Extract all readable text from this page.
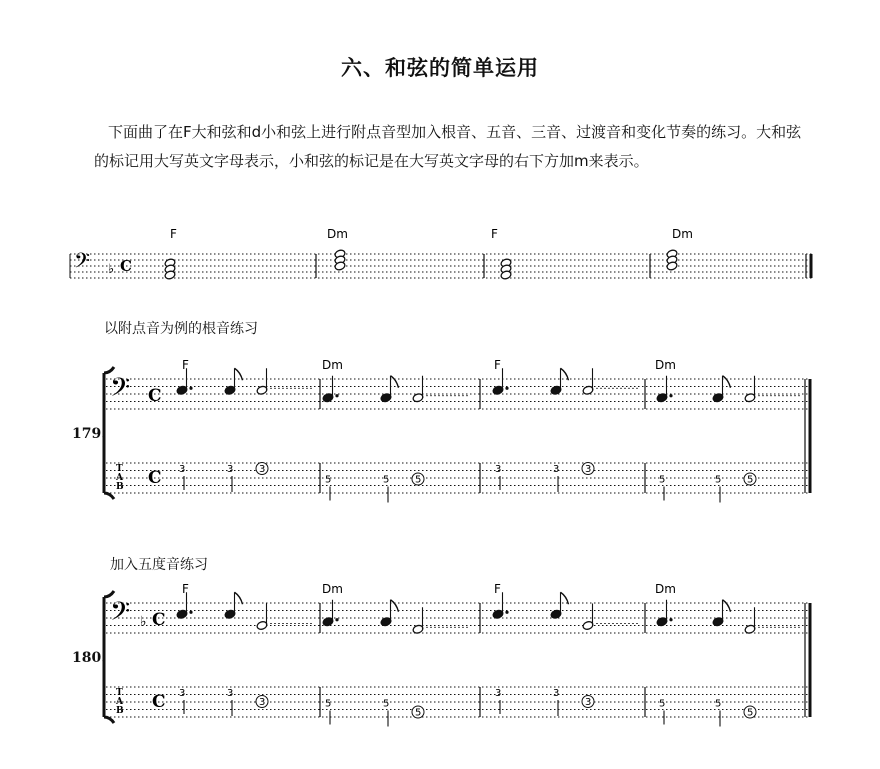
六、和弦的简单运用

下面曲了在F大和弦和d小和弦上进行附点音型加入根音、五音、三音、过渡音和变化节奏的练习。大和弦的标记用大写英文字母表示，小和弦的标记是在大写英文字母的右下方加m来表示。

以附点音为例的根音练习
加入五度音练习
179.
180.
𝄢 ♭ C
F	Dm	F	Dm
𝄢 C
T
A
B C
F	Dm	F	Dm
3	3	3
5	5	5
3	3	3
5	5	5
𝄢 ♭ C
T
A
B C
F	Dm	F	Dm
3	3
3	5	5
5
3	3
3	5	5
5
